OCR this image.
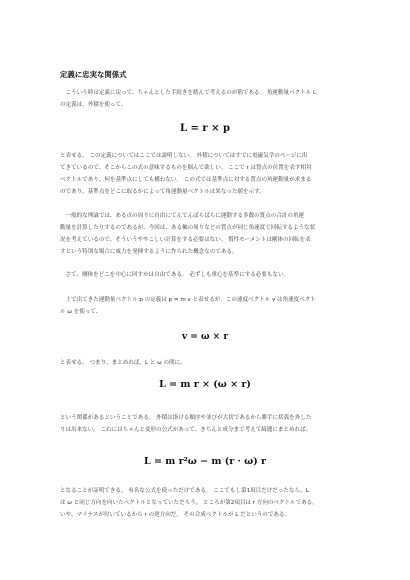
定義に忠実な関係式
　こういう時は定義に戻って、ちゃんとした手続きを踏んで考えるのが筋である。 角運動量ベクトル L
の定義は、外積を使って、
L = r × p
と表せる。 この定義についてはここでは説明しない。 外積についてはすでに電磁気学のページに出
てきているので、そこからこの式の意味するものを掴んで欲しい。 ここで r は質点の位置を表す相対
ベクトルであり、何を基準点にしても構わない。 この式では基準点に対する質点の角運動量が求まる
のであり、基準点をどこに取るかによって角運動量ベクトルは異なった値を示す。
　一般的な理論では、ある点の周りに自由にてんでんばらばらに運動する多数の質点の合計の角運
動量を計算したりするのであるが、今回は、ある軸の周りなどの質点が同じ角速度で回転するような状
況を考えているので、そういうややこしい計算をする必要はない。 慣性モーメントは剛体の回転を表
すという特別な場合に威力を発揮するように作られた概念なのである。
　さて、剛体をどこを中心に回すかは自由である。 必ずしも重心を基準にする必要もない。
　上で出てきた運動量ベクトル p の定義は p = m v と表せるが、この速度ベクトル v は角速度ベクト
ル ω を使って、
v = ω × r
と表せる。 つまり、まとめれば、L と ω の間に、
L = m r × (ω × r)
という関係があるということである。 外積は掛ける順序や並びが大切であるから勝手に括弧を外した
りは出来ない。 これにはちゃんと変形の公式があって、きちんと成分まで考えて綺麗にまとめれば、
L = m r²ω − m (r · ω) r
となることが証明できる。 有名な公式を使っただけである。 ここでもし第1項目だけだったなら、L
は ω と同じ方向を向いたベクトルとなっていただろう。 ところが第2項目は r 方向のベクトルである。
いや、マイナスが付いているから r の逆方向だ。 その合成ベクトルが L だというのである。
